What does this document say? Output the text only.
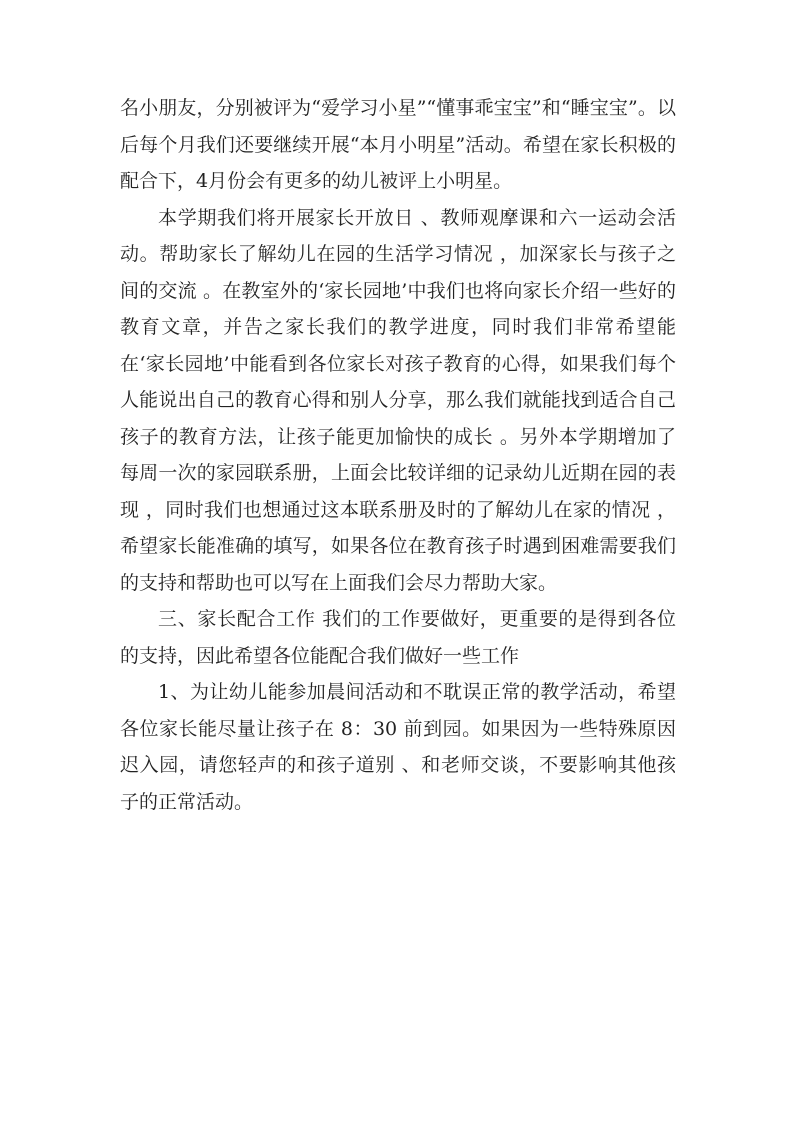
名小朋友，分别被评为“爱学习小星”“懂事乖宝宝”和“睡宝宝”。以后每个月我们还要继续开展“本月小明星”活动。希望在家长积极的配合下，4月份会有更多的幼儿被评上小明星。

本学期我们将开展家长开放日 、教师观摩课和六一运动会活动。帮助家长了解幼儿在园的生活学习情况 ，加深家长与孩子之间的交流 。在教室外的‘家长园地’中我们也将向家长介绍一些好的教育文章，并告之家长我们的教学进度，同时我们非常希望能在‘家长园地’中能看到各位家长对孩子教育的心得，如果我们每个人能说出自己的教育心得和别人分享，那么我们就能找到适合自己孩子的教育方法，让孩子能更加愉快的成长 。另外本学期增加了每周一次的家园联系册，上面会比较详细的记录幼儿近期在园的表现 ，同时我们也想通过这本联系册及时的了解幼儿在家的情况 ，希望家长能准确的填写，如果各位在教育孩子时遇到困难需要我们的支持和帮助也可以写在上面我们会尽力帮助大家。

三、家长配合工作 我们的工作要做好，更重要的是得到各位的支持，因此希望各位能配合我们做好一些工作

1、为让幼儿能参加晨间活动和不耽误正常的教学活动，希望各位家长能尽量让孩子在 8：30 前到园。如果因为一些特殊原因迟入园，请您轻声的和孩子道别 、和老师交谈，不要影响其他孩子的正常活动。
